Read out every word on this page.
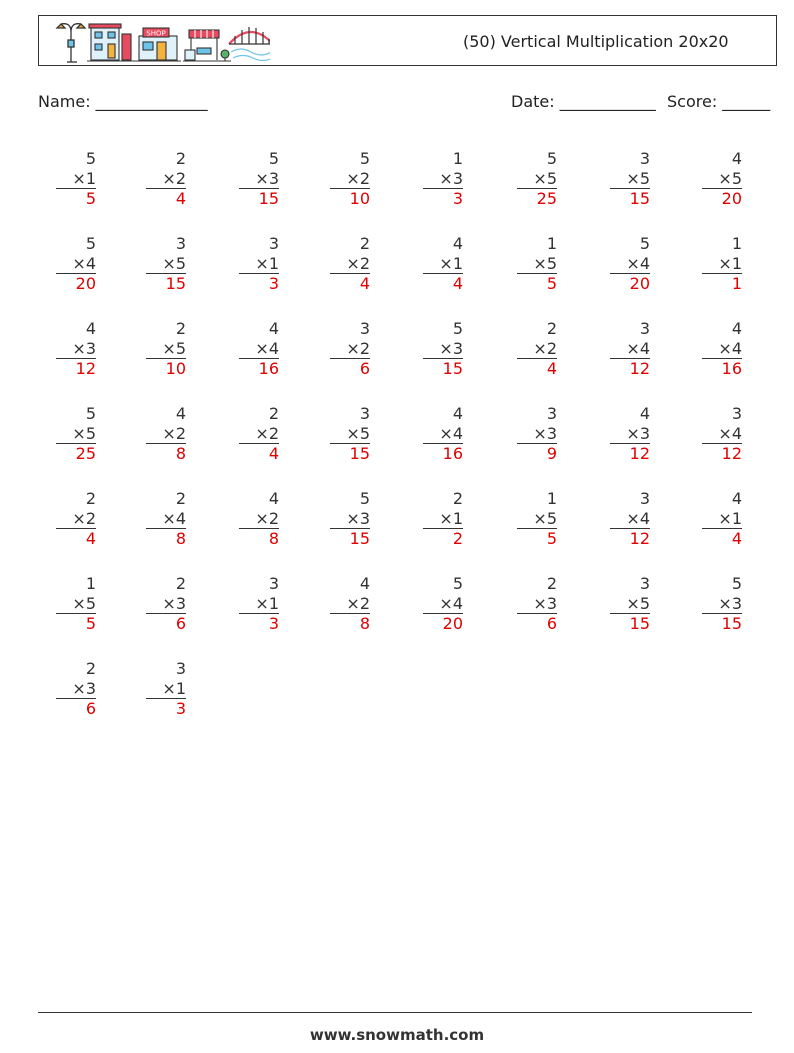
SHOP	(50) Vertical Multiplication 20x20
Name: ______________	Date: ____________ Score: ______
5
×1
5
2
×2
4
5
×3
15
5
×2
10
1
×3
3
5
×5
25
3
×5
15
4
×5
20
5
×4
20
3
×5
15
3
×1
3
2
×2
4
4
×1
4
1
×5
5
5
×4
20
1
×1
1
4
×3
12
2
×5
10
4
×4
16
3
×2
6
5
×3
15
2
×2
4
3
×4
12
4
×4
16
5
×5
25
4
×2
8
2
×2
4
3
×5
15
4
×4
16
3
×3
9
4
×3
12
3
×4
12
2
×2
4
2
×4
8
4
×2
8
5
×3
15
2
×1
2
1
×5
5
3
×4
12
4
×1
4
1
×5
5
2
×3
6
3
×1
3
4
×2
8
5
×4
20
2
×3
6
3
×5
15
5
×3
15
2
×3
6
3
×1
3
www.snowmath.com
